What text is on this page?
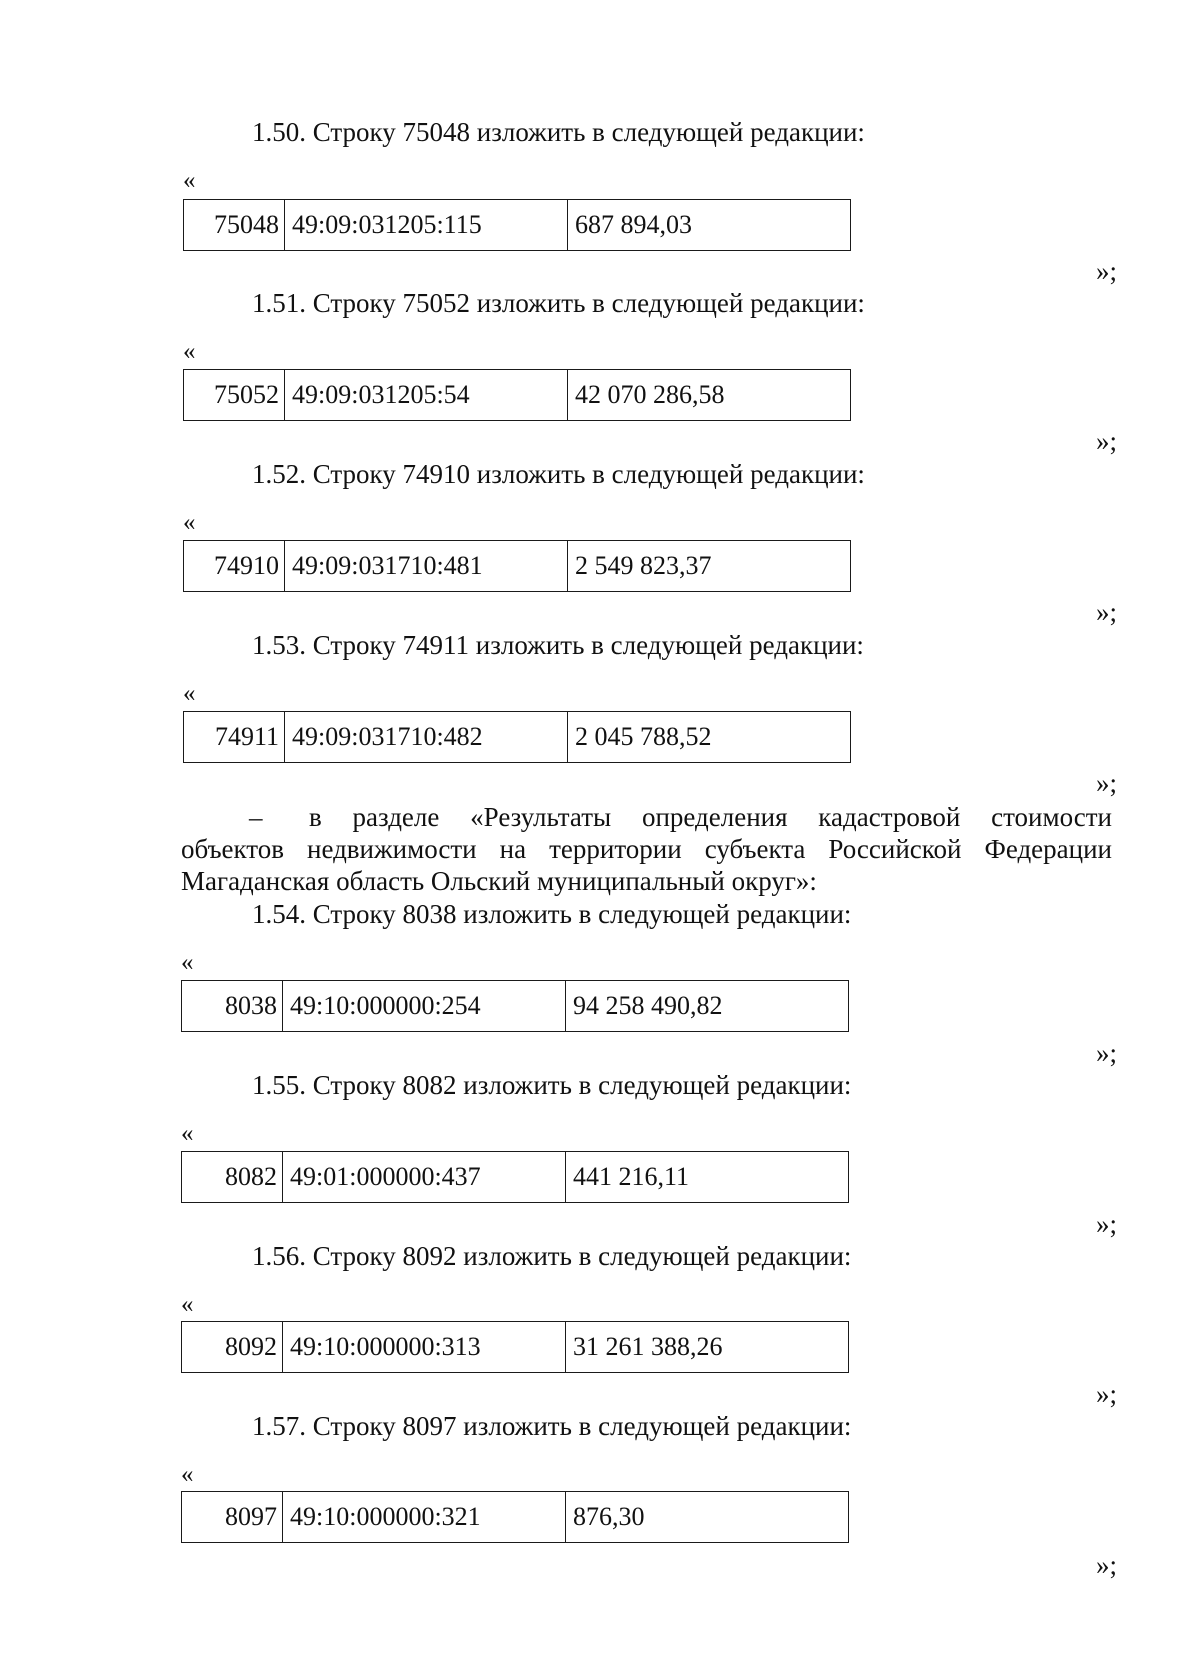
1.50. Строку 75048 изложить в следующей редакции:
«
75048	49:09:031205:115	687 894,03
»;
1.51. Строку 75052 изложить в следующей редакции:
«
75052	49:09:031205:54	42 070 286,58
»;
1.52. Строку 74910 изложить в следующей редакции:
«
74910	49:09:031710:481	2 549 823,37
»;
1.53. Строку 74911 изложить в следующей редакции:
«
74911	49:09:031710:482	2 045 788,52
»;
– в разделе «Результаты определения кадастровой стоимости
объектов недвижимости на территории субъекта Российской Федерации
Магаданская область Ольский муниципальный округ»:
1.54. Строку 8038 изложить в следующей редакции:
«
8038	49:10:000000:254	94 258 490,82
»;
1.55. Строку 8082 изложить в следующей редакции:
«
8082	49:01:000000:437	441 216,11
»;
1.56. Строку 8092 изложить в следующей редакции:
«
8092	49:10:000000:313	31 261 388,26
»;
1.57. Строку 8097 изложить в следующей редакции:
«
8097	49:10:000000:321	876,30
»;
